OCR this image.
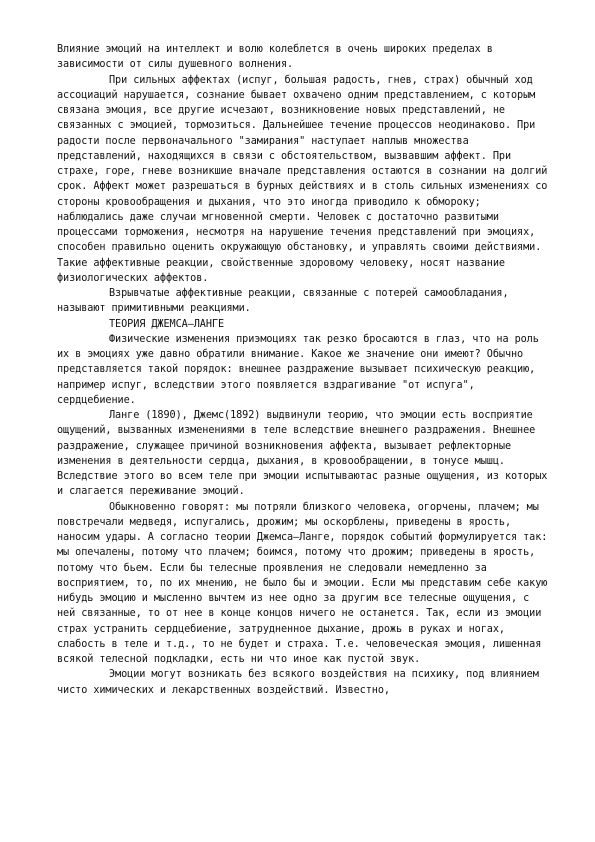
Влияние эмоций на интеллект и волю колеблется в очень широких пределах в зависимости от силы душевного волнения.

При сильных аффектах (испуг, большая радость, гнев, страх) обычный ход ассоциаций нарушается, сознание бывает охвачено одним представлением, с которым связана эмоция, все другие исчезают, возникновение новых представлений, не связанных с эмоцией, тормозиться. Дальнейшее течение процессов неодинаково. При радости после первоначального "замирания" наступает наплыв множества представлений, находящихся в связи с обстоятельством, вызвавшим аффект. При страхе, горе, гневе возникшие вначале представления остаются в сознании на долгий срок. Аффект может разрешаться в бурных действиях и в столь сильных изменениях со стороны кровообращения и дыхания, что это иногда приводило к обмороку; наблюдались даже случаи мгновенной смерти. Человек с достаточно развитыми процессами торможения, несмотря на нарушение течения представлений при эмоциях, способен правильно оценить окружающую обстановку, и управлять своими действиями. Такие аффективные реакции, свойственные здоровому человеку, носят название физиологических аффектов.

Взрывчатые аффективные реакции, связанные с потерей самообладания, называют примитивными реакциями.

ТЕОРИЯ ДЖЕМСА—ЛАНГЕ

Физические изменения приэмоциях так резко бросаются в глаз, что на роль их в эмоциях уже давно обратили внимание. Какое же значение они имеют? Обычно представляется такой порядок: внешнее раздражение вызывает психическую реакцию, например испуг, вследствии этого появляется вздрагивание "от испуга", сердцебиение.

Ланге (1890), Джемс(1892) выдвинули теорию, что эмоции есть восприятие ощущений, вызванных изменениями в теле вследствие внешнего раздражения. Внешнее раздражение, служащее причиной возникновения аффекта, вызывает рефлекторные изменения в деятельности сердца, дыхания, в кровообращении, в тонусе мышц. Вследствие этого во всем теле при эмоции испытываютас разные ощущения, из которых и слагается переживание эмоций.

Обыкновенно говорят: мы потряли близкого человека, огорчены, плачем; мы повстречали медведя, испугались, дрожим; мы оскорблены, приведены в ярость, наносим удары. А согласно теории Джемса—Ланге, порядок событий формулируется так: мы опечалены, потому что плачем; боимся, потому что дрожим; приведены в ярость, потому что бьем. Если бы телесные проявления не следовали немедленно за восприятием, то, по их мнению, не было бы и эмоции. Если мы представим себе какую нибудь эмоцию и мысленно вычтем из нее одно за другим все телесные ощущения, с ней связанные, то от нее в конце концов ничего не останется. Так, если из эмоции страх устранить сердцебиение, затрудненное дыхание, дрожь в руках и ногах, слабость в теле и т.д., то не будет и страха. Т.е. человеческая эмоция, лишенная всякой телесной подкладки, есть ни что иное как пустой звук.

Эмоции могут возникать без всякого воздействия на психику, под влиянием чисто химических и лекарственных воздействий. Известно,
